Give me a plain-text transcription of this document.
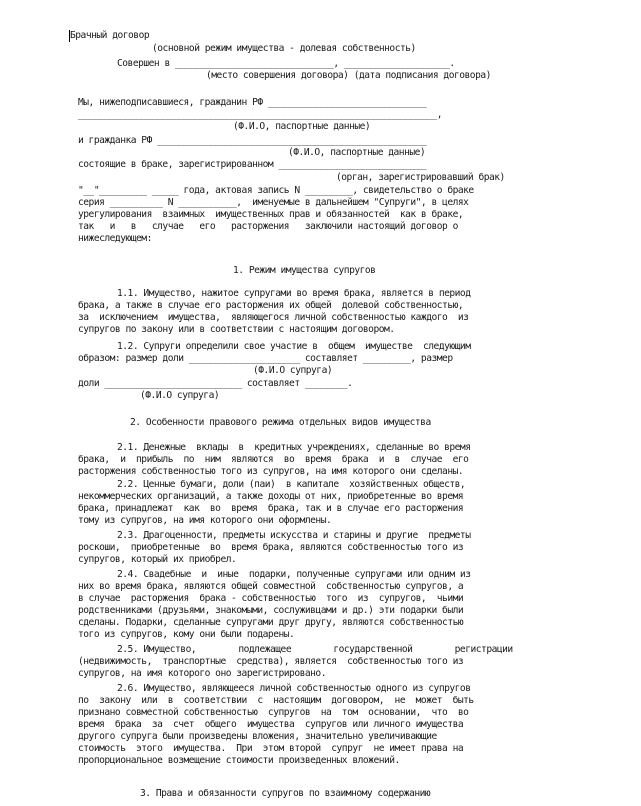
Брачный договор
(основной режим имущества - долевая собственность)
Совершен в ______________________________, ____________________.
(место совершения договора) (дата подписания договора)
Мы, нижеподписавшиеся, гражданин РФ ______________________________
____________________________________________________________________,
(Ф.И.О, паспортные данные)
и гражданка РФ ___________________________________________________
(Ф.И.О, паспортные данные)
состоящие в браке, зарегистрированном ____________________________
(орган, зарегистрировавший брак)
"__"_________ _____ года, актовая запись N _________, свидетельство о браке
серия __________ N ___________,  именуемые в дальнейшем "Супруги", в целях
урегулирования  взаимных  имущественных прав и обязанностей  как в браке,
так   и   в   случае   его   расторжения   заключили настоящий договор о
нижеследующем:
1. Режим имущества супругов
1.1. Имущество, нажитое супругами во время брака, является в период
брака, а также в случае его расторжения их общей  долевой собственностью,
за  исключением  имущества,  являющегося личной собственностью каждого  из
супругов по закону или в соответствии с настоящим договором.
1.2. Супруги определили свое участие в  общем  имуществе  следующим
образом: размер доли _____________________ составляет _________, размер
(Ф.И.О супруга)
доли __________________________ составляет ________.
(Ф.И.О супруга)
2. Особенности правового режима отдельных видов имущества
2.1. Денежные  вклады  в  кредитных учреждениях, сделанные во время
брака,  и  прибыль  по  ним  являются  во  время  брака  и  в  случае  его
расторжения собственностью того из супругов, на имя которого они сделаны.
2.2. Ценные бумаги, доли (паи)  в капитале  хозяйственных обществ,
некоммерческих организаций, а также доходы от них, приобретенные во время
брака, принадлежат  как  во  время  брака, так и в случае его расторжения
тому из супругов, на имя которого они оформлены.
2.3. Драгоценности, предметы искусства и старины и другие  предметы
роскоши,  приобретенные  во  время брака, являются собственностью того из
супругов, который их приобрел.
2.4. Свадебные  и  иные  подарки, полученные супругами или одним из
них во время брака, являются общей совместной  собственностью супругов, а
в случае  расторжения  брака - собственностью  того  из  супругов,  чьими
родственниками (друзьями, знакомыми, сослуживцами и др.) эти подарки были
сделаны. Подарки, сделанные супругами друг другу, являются собственностью
того из супругов, кому они были подарены.
2.5. Имущество,        подлежащее        государственной        регистрации
(недвижимость,  транспортные  средства), является  собственностью того из
супругов, на имя которого оно зарегистрировано.
2.6. Имущество, являющееся личной собственностью одного из супругов
по  закону  или  в  соответствии  с  настоящим  договором,  не  может  быть
признано совместной собственностью  супругов  на  том  основании,  что  во
время  брака  за  счет  общего  имущества  супругов или личного имущества
другого супруга были произведены вложения, значительно увеличивающие
стоимость  этого  имущества.  При  этом второй  супруг  не имеет права на
пропорциональное возмещение стоимости произведенных вложений.
3. Права и обязанности супругов по взаимному содержанию
